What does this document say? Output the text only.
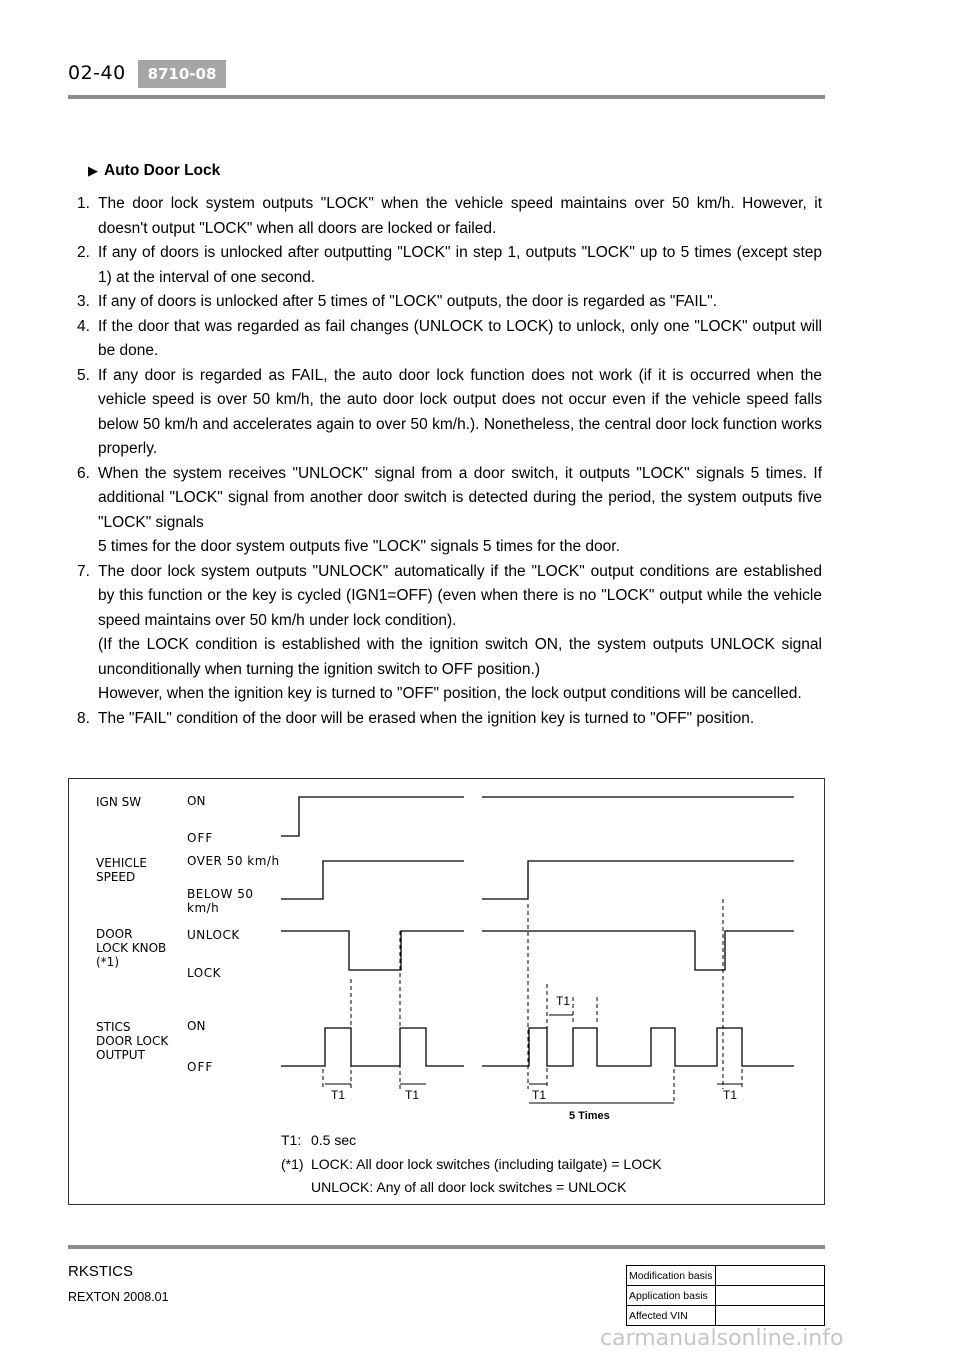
02-40	8710-08
▶ Auto Door Lock
1. The door lock system outputs "LOCK" when the vehicle speed maintains over 50 km/h. However, it doesn't output "LOCK" when all doors are locked or failed.

2. If any of doors is unlocked after outputting "LOCK" in step 1, outputs "LOCK" up to 5 times (except step 1) at the interval of one second.

3. If any of doors is unlocked after 5 times of "LOCK" outputs, the door is regarded as "FAIL".

4. If the door that was regarded as fail changes (UNLOCK to LOCK) to unlock, only one "LOCK" output will be done.

5. If any door is regarded as FAIL, the auto door lock function does not work (if it is occurred when the vehicle speed is over 50 km/h, the auto door lock output does not occur even if the vehicle speed falls below 50 km/h and accelerates again to over 50 km/h.). Nonetheless, the central door lock function works properly.

6. When the system receives "UNLOCK" signal from a door switch, it outputs "LOCK" signals 5 times. If additional "LOCK" signal from another door switch is detected during the period, the system outputs five "LOCK" signals

5 times for the door system outputs five "LOCK" signals 5 times for the door.

7. The door lock system outputs "UNLOCK" automatically if the "LOCK" output conditions are established by this function or the key is cycled (IGN1=OFF) (even when there is no "LOCK" output while the vehicle speed maintains over 50 km/h under lock condition).

(If the LOCK condition is established with the ignition switch ON, the system outputs UNLOCK signal unconditionally when turning the ignition switch to OFF position.)

However, when the ignition key is turned to "OFF" position, the lock output conditions will be cancelled.

8. The "FAIL" condition of the door will be erased when the ignition key is turned to "OFF" position.

IGN SW
VEHICLE
SPEED
DOOR
LOCK KNOB
(*1)
STICS
DOOR LOCK
OUTPUT
ON
OFF
OVER 50 km/h
BELOW 50
km/h
UNLOCK
LOCK
ON
OFF
T1	T1	T1	T1
T1
5 Times
T1: 0.5 sec
(*1) LOCK: All door lock switches (including tailgate) = LOCK
UNLOCK: Any of all door lock switches = UNLOCK
RKSTICS
REXTON 2008.01
Modification basis	
Application basis	
Affected VIN	
carmanualsonline.info
